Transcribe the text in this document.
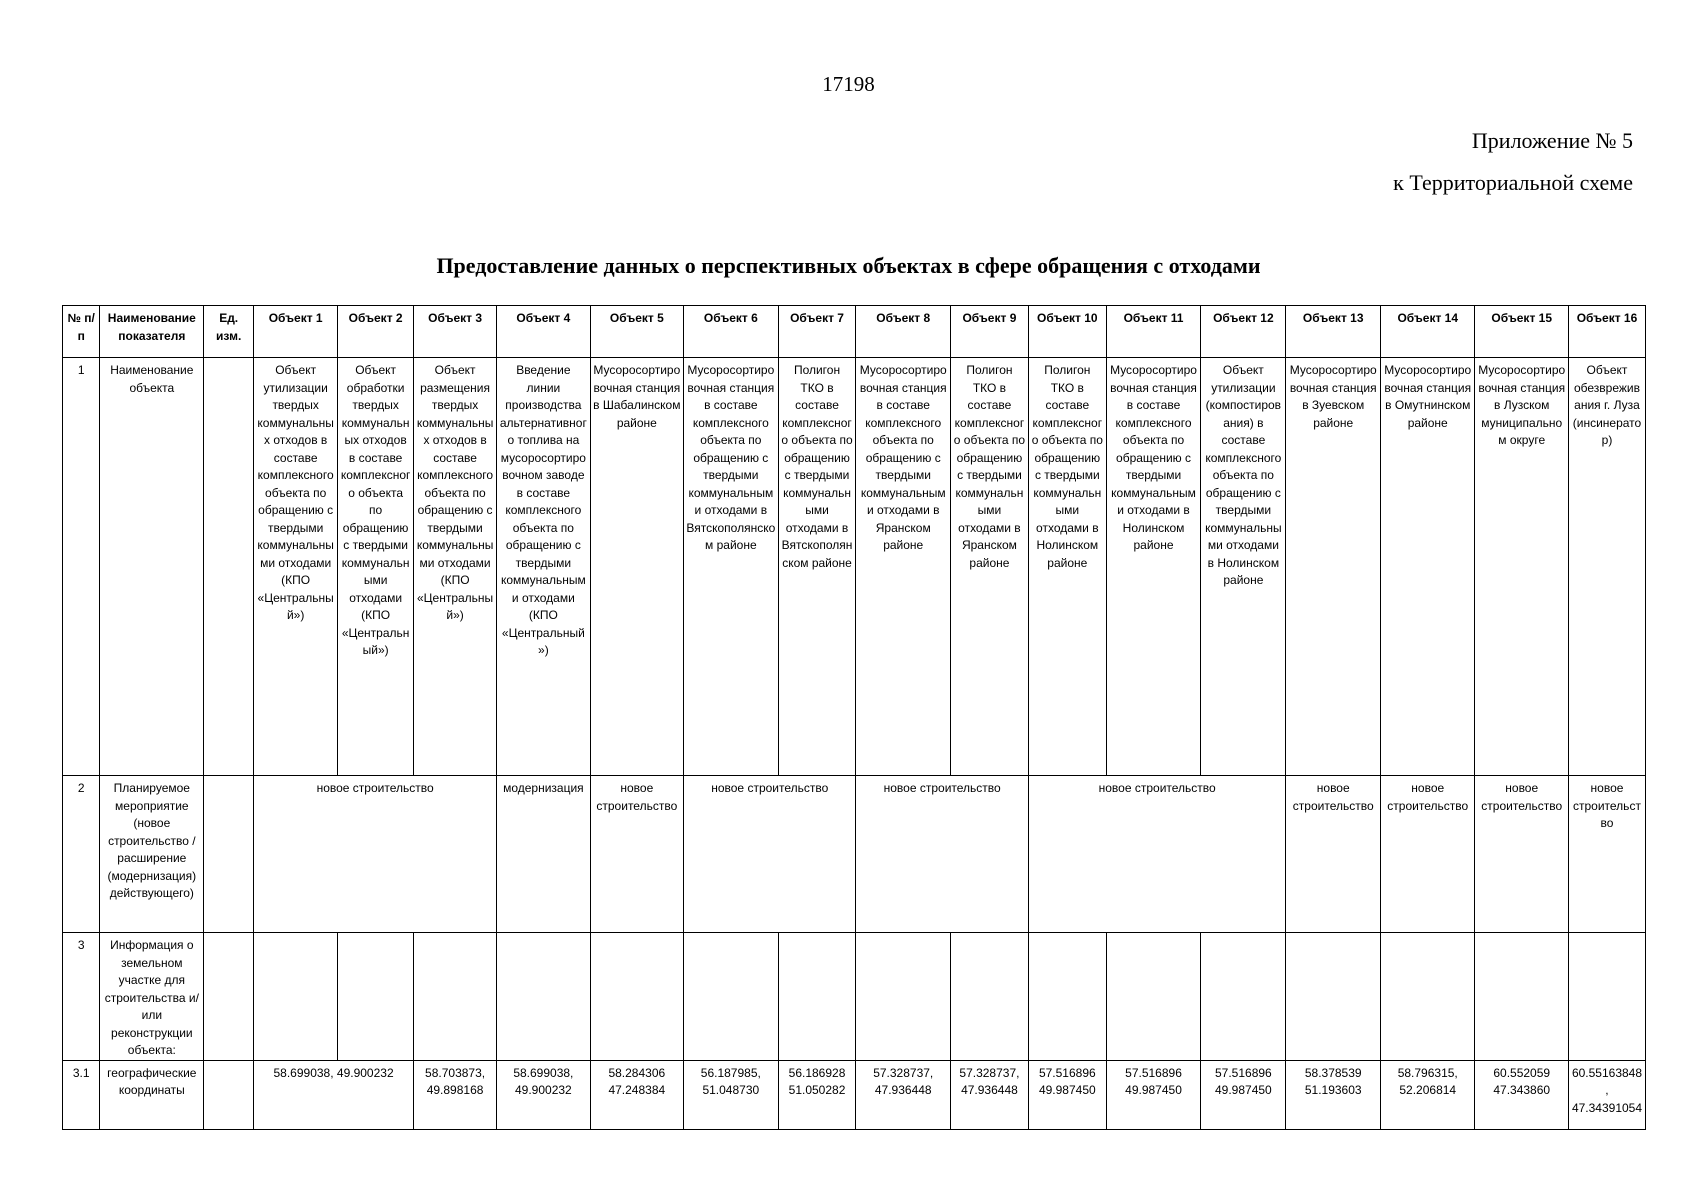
17198
Приложение № 5
к Территориальной схеме
Предоставление данных о перспективных объектах в сфере обращения с отходами
№ п/п	Наименование показателя	Ед. изм.	Объект 1	Объект 2	Объект 3	Объект 4	Объект 5	Объект 6	Объект 7	Объект 8	Объект 9	Объект 10	Объект 11	Объект 12	Объект 13	Объект 14	Объект 15	Объект 16
1	Наименование объекта		Объект утилизации твердых коммунальных отходов в составе комплексного объекта по обращению с твердыми коммунальными отходами (КПО «Центральный»)	Объект обработки твердых коммунальных отходов в составе комплексного объекта по обращению с твердыми коммунальными отходами (КПО «Центральный»)	Объект размещения твердых коммунальных отходов в составе комплексного объекта по обращению с твердыми коммунальными отходами (КПО «Центральный»)	Введение линии производства альтернативного топлива на мусоросортировочном заводе в составе комплексного объекта по обращению с твердыми коммунальными отходами (КПО «Центральный»)	Мусоросортировочная станция в Шабалинском районе	Мусоросортировочная станция в составе комплексного объекта по обращению с твердыми коммунальными отходами в Вятскополянском районе	Полигон ТКО в составе комплексного объекта по обращению с твердыми коммунальными отходами в Вятскополянском районе	Мусоросортировочная станция в составе комплексного объекта по обращению с твердыми коммунальными отходами в Яранском районе	Полигон ТКО в составе комплексного объекта по обращению с твердыми коммунальными отходами в Яранском районе	Полигон ТКО в составе комплексного объекта по обращению с твердыми коммунальными отходами в Нолинском районе	Мусоросортировочная станция в составе комплексного объекта по обращению с твердыми коммунальными отходами в Нолинском районе	Объект утилизации (компостирования) в составе комплексного объекта по обращению с твердыми коммунальными отходами в Нолинском районе	Мусоросортировочная станция в Зуевском районе	Мусоросортировочная станция в Омутнинском районе	Мусоросортировочная станция в Лузском муниципальном округе	Объект обезвреживания г. Луза (инсинератор)
2	Планируемое мероприятие (новое строительство /расширение (модернизация) действующего)		новое строительство			модернизация	новое строительство	новое строительство		новое строительство		новое строительство			новое строительство	новое строительство	новое строительство	новое строительство
3	Информация о земельном участке для строительства и/или реконструкции объекта:																	
3.1	географические координаты		58.699038, 49.900232		58.703873, 49.898168	58.699038, 49.900232	58.284306 47.248384	56.187985, 51.048730	56.186928 51.050282	57.328737, 47.936448	57.328737, 47.936448	57.516896 49.987450	57.516896 49.987450	57.516896 49.987450	58.378539 51.193603	58.796315, 52.206814	60.552059 47.343860	60.55163848, 47.34391054
